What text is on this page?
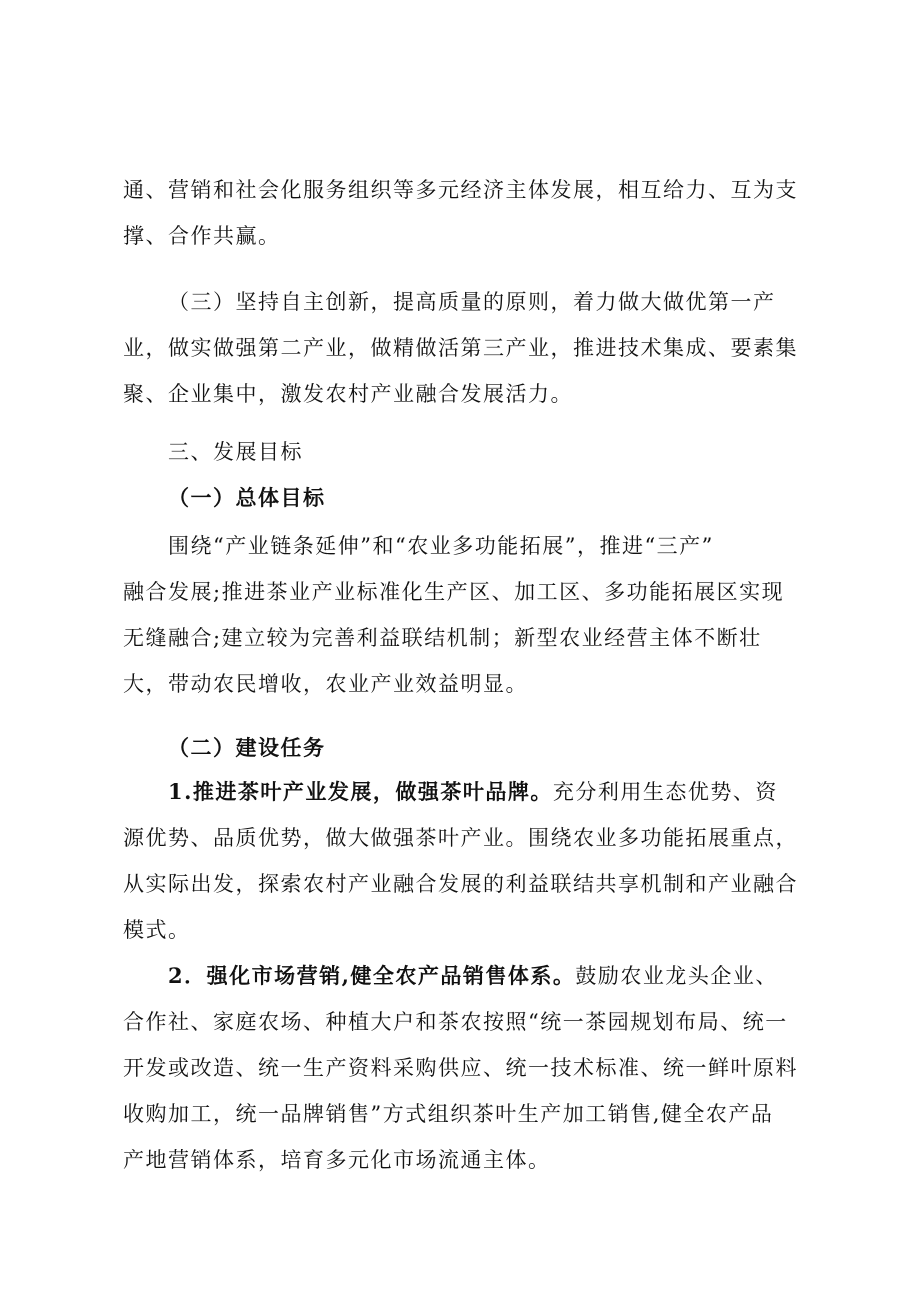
通、营销和社会化服务组织等多元经济主体发展，相互给力、互为支
撑、合作共赢。
（三）坚持自主创新，提高质量的原则，着力做大做优第一产
业，做实做强第二产业，做精做活第三产业，推进技术集成、要素集
聚、企业集中，激发农村产业融合发展活力。
三、发展目标
（一）总体目标
围绕“产业链条延伸”和“农业多功能拓展”，推进“三产”
融合发展;推进茶业产业标准化生产区、加工区、多功能拓展区实现
无缝融合;建立较为完善利益联结机制；新型农业经营主体不断壮
大，带动农民增收，农业产业效益明显。
（二）建设任务
1.推进茶叶产业发展，做强茶叶品牌。充分利用生态优势、资
源优势、品质优势，做大做强茶叶产业。围绕农业多功能拓展重点，
从实际出发，探索农村产业融合发展的利益联结共享机制和产业融合
模式。
2．强化市场营销,健全农产品销售体系。鼓励农业龙头企业、
合作社、家庭农场、种植大户和茶农按照“统一茶园规划布局、统一
开发或改造、统一生产资料采购供应、统一技术标准、统一鲜叶原料
收购加工，统一品牌销售”方式组织茶叶生产加工销售,健全农产品
产地营销体系，培育多元化市场流通主体。
